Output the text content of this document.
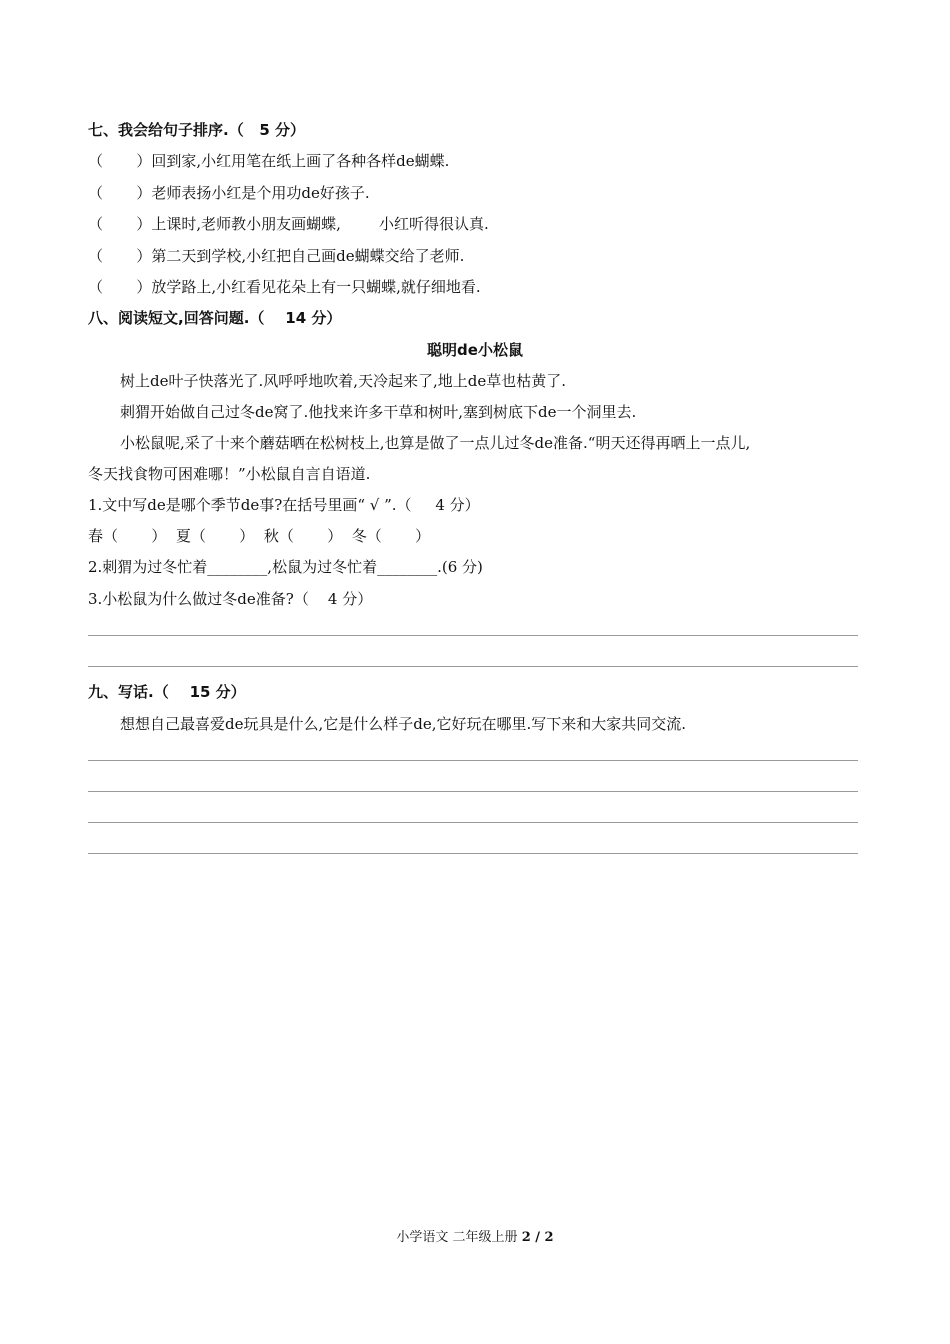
七、我会给句子排序.（   5 分）
（       ）回到家,小红用笔在纸上画了各种各样de蝴蝶.
（       ）老师表扬小红是个用功de好孩子.
（       ）上课时,老师教小朋友画蝴蝶,        小红听得很认真.
（       ）第二天到学校,小红把自己画de蝴蝶交给了老师.
（       ）放学路上,小红看见花朵上有一只蝴蝶,就仔细地看.
八、阅读短文,回答问题.（    14 分）
聪明de小松鼠
树上de叶子快落光了.风呼呼地吹着,天冷起来了,地上de草也枯黄了.
刺猬开始做自己过冬de窝了.他找来许多干草和树叶,塞到树底下de一个洞里去.
小松鼠呢,采了十来个蘑菇晒在松树枝上,也算是做了一点儿过冬de准备.“明天还得再晒上一点儿,
冬天找食物可困难哪！”小松鼠自言自语道.
1.文中写de是哪个季节de事?在括号里画“ √ ”.（     4 分）
春（       ）  夏（       ）  秋（       ）  冬（       ）
2.刺猬为过冬忙着________,松鼠为过冬忙着________.(6 分)
3.小松鼠为什么做过冬de准备?（    4 分）
九、写话.（    15 分）
想想自己最喜爱de玩具是什么,它是什么样子de,它好玩在哪里.写下来和大家共同交流.
小学语文 二年级上册 2 / 2
